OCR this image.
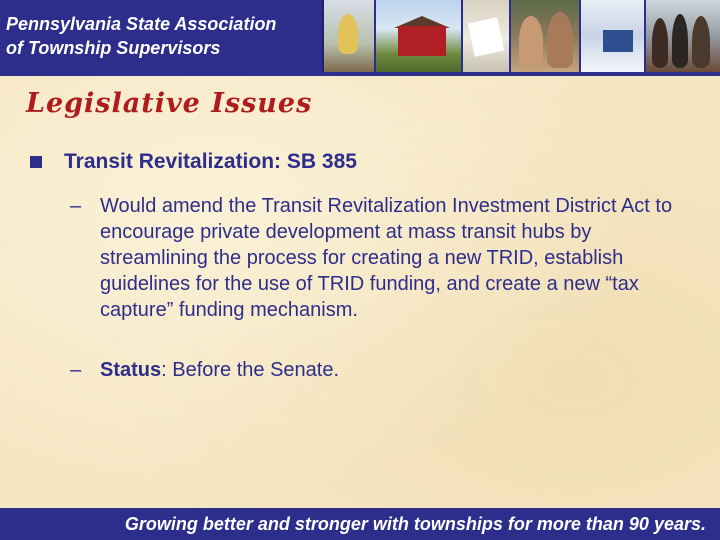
Pennsylvania State Association
of Township Supervisors
Legislative Issues
Transit Revitalization: SB 385
– Would amend the Transit Revitalization Investment District Act to encourage private development at mass transit hubs by streamlining the process for creating a new TRID, establish guidelines for the use of TRID funding, and create a new “tax capture” funding mechanism.
– Status: Before the Senate.
Growing better and stronger with townships for more than 90 years.
